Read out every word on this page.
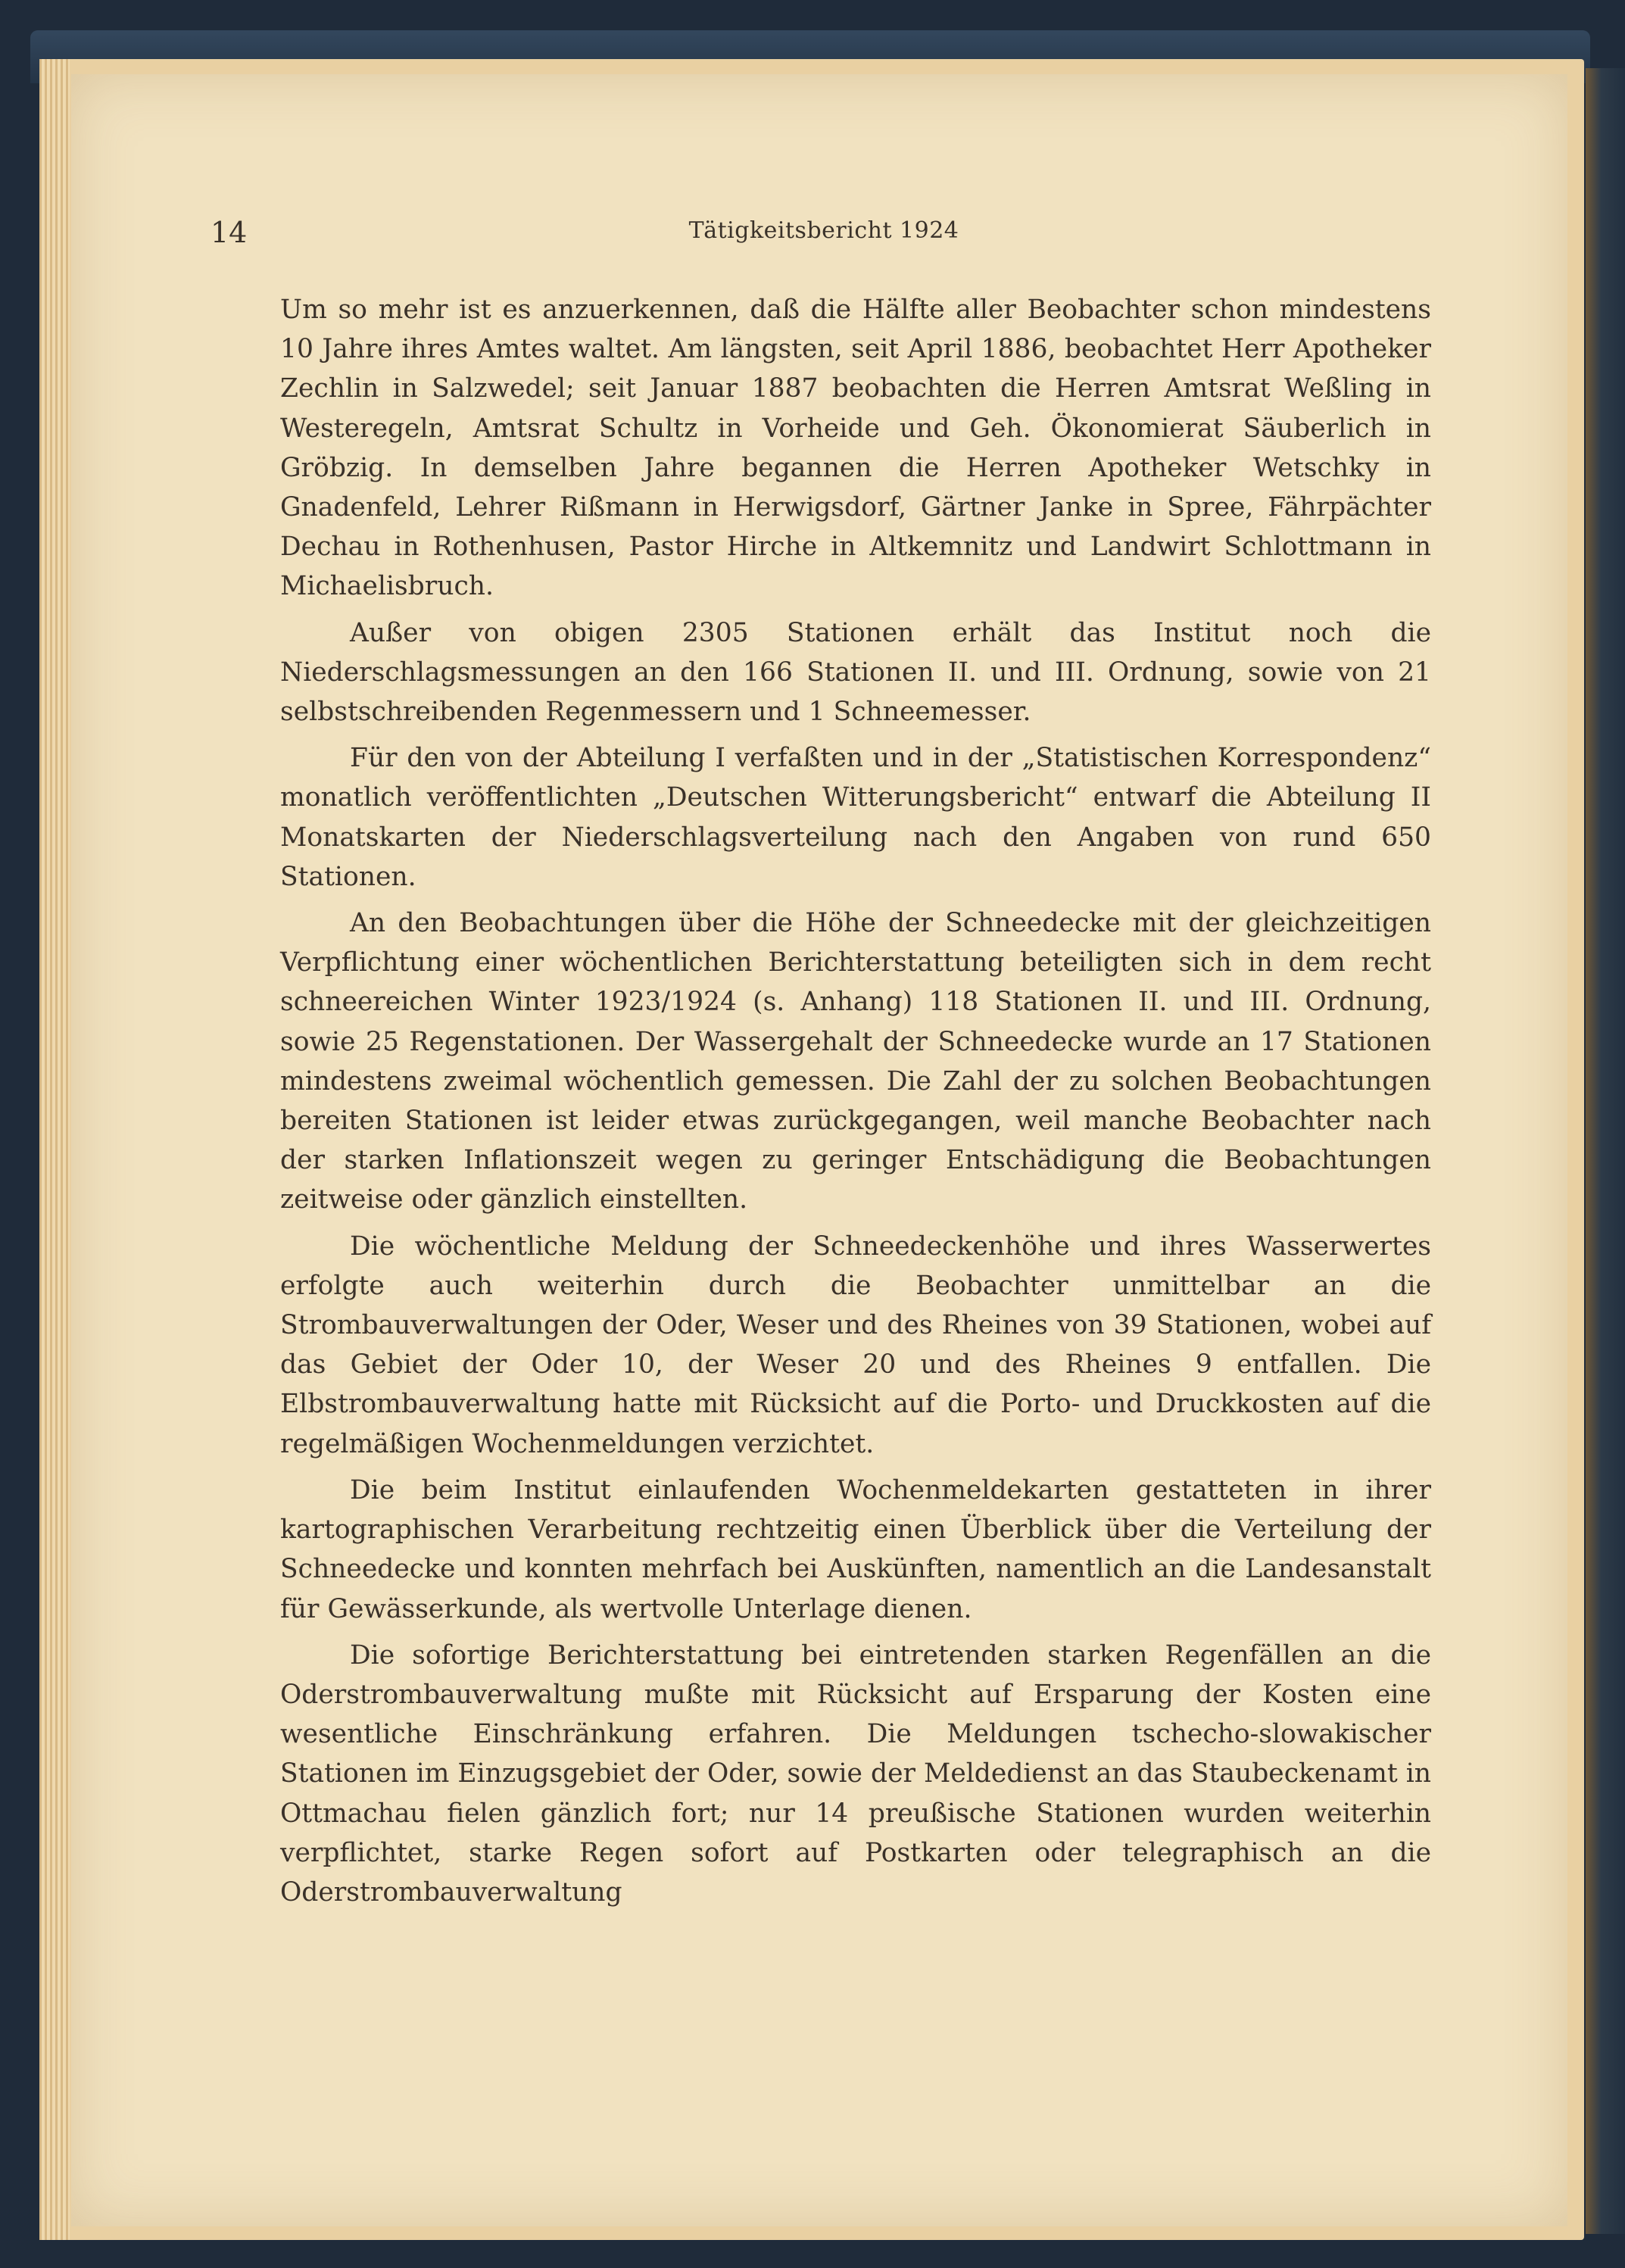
14	Tätigkeitsbericht 1924

Um so mehr ist es anzuerkennen, daß die Hälfte aller Beobachter schon mindestens 10 Jahre ihres Amtes waltet. Am längsten, seit April 1886, beobachtet Herr Apotheker Zechlin in Salzwedel; seit Januar 1887 beobachten die Herren Amtsrat Weßling in Westeregeln, Amtsrat Schultz in Vorheide und Geh. Ökonomierat Säuberlich in Gröbzig. In demselben Jahre begannen die Herren Apotheker Wetschky in Gnadenfeld, Lehrer Rißmann in Herwigsdorf, Gärtner Janke in Spree, Fährpächter Dechau in Rothenhusen, Pastor Hirche in Altkemnitz und Landwirt Schlottmann in Michaelisbruch.

Außer von obigen 2305 Stationen erhält das Institut noch die Niederschlagsmessungen an den 166 Stationen II. und III. Ordnung, sowie von 21 selbstschreibenden Regenmessern und 1 Schneemesser.

Für den von der Abteilung I verfaßten und in der „Statistischen Korrespondenz“ monatlich veröffentlichten „Deutschen Witterungsbericht“ entwarf die Abteilung II Monatskarten der Niederschlagsverteilung nach den Angaben von rund 650 Stationen.

An den Beobachtungen über die Höhe der Schneedecke mit der gleichzeitigen Verpflichtung einer wöchentlichen Berichterstattung beteiligten sich in dem recht schneereichen Winter 1923/1924 (s. Anhang) 118 Stationen II. und III. Ordnung, sowie 25 Regenstationen. Der Wassergehalt der Schneedecke wurde an 17 Stationen mindestens zweimal wöchentlich gemessen. Die Zahl der zu solchen Beobachtungen bereiten Stationen ist leider etwas zurückgegangen, weil manche Beobachter nach der starken Inflationszeit wegen zu geringer Entschädigung die Beobachtungen zeitweise oder gänzlich einstellten.

Die wöchentliche Meldung der Schneedeckenhöhe und ihres Wasserwertes erfolgte auch weiterhin durch die Beobachter unmittelbar an die Strombauverwaltungen der Oder, Weser und des Rheines von 39 Stationen, wobei auf das Gebiet der Oder 10, der Weser 20 und des Rheines 9 entfallen. Die Elbstrombauverwaltung hatte mit Rücksicht auf die Porto- und Druckkosten auf die regelmäßigen Wochenmeldungen verzichtet.

Die beim Institut einlaufenden Wochenmeldekarten gestatteten in ihrer kartographischen Verarbeitung rechtzeitig einen Überblick über die Verteilung der Schneedecke und konnten mehrfach bei Auskünften, namentlich an die Landesanstalt für Gewässerkunde, als wertvolle Unterlage dienen.

Die sofortige Berichterstattung bei eintretenden starken Regenfällen an die Oderstrombauverwaltung mußte mit Rücksicht auf Ersparung der Kosten eine wesentliche Einschränkung erfahren. Die Meldungen tschecho-slowakischer Stationen im Einzugsgebiet der Oder, sowie der Meldedienst an das Staubeckenamt in Ottmachau fielen gänzlich fort; nur 14 preußische Stationen wurden weiterhin verpflichtet, starke Regen sofort auf Postkarten oder telegraphisch an die Oderstrombauverwaltung
